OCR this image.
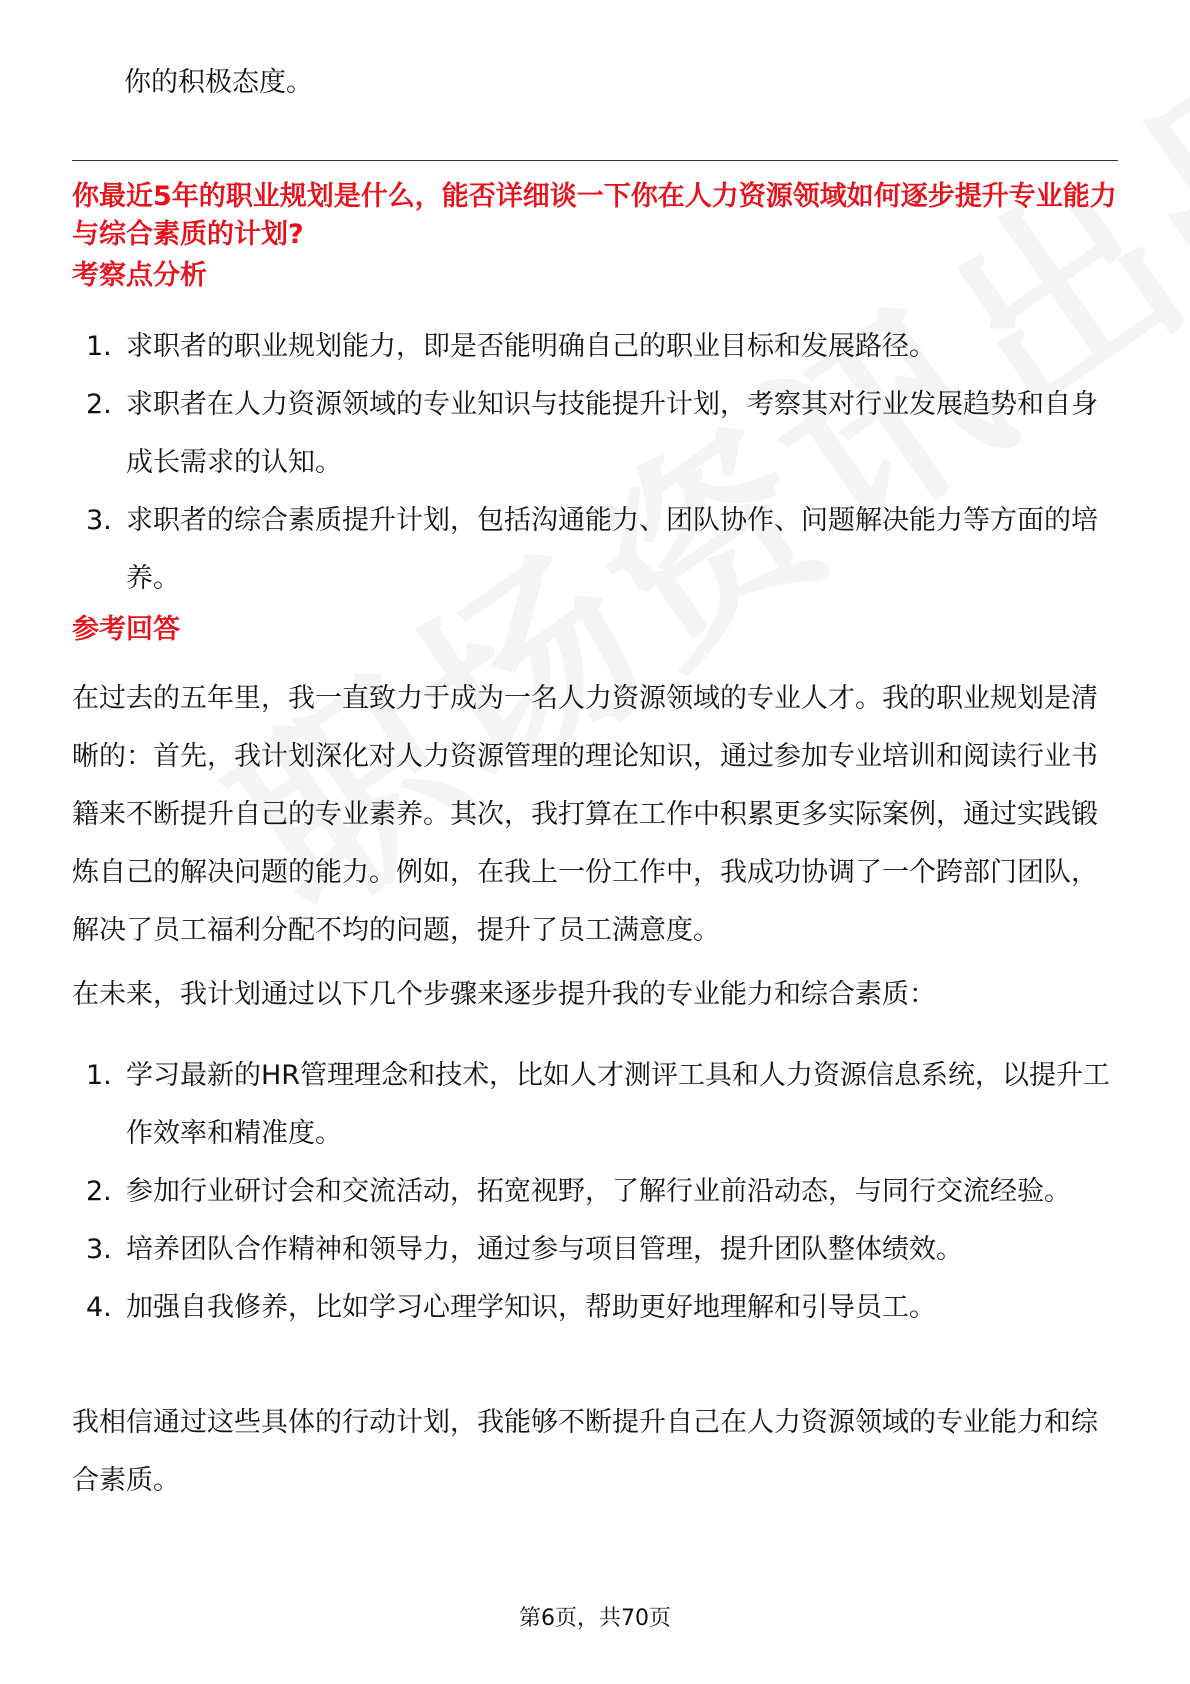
你的积极态度。
你最近5年的职业规划是什么，能否详细谈一下你在人力资源领域如何逐步提升专业能力与综合素质的计划?
考察点分析
1. 求职者的职业规划能力，即是否能明确自己的职业目标和发展路径。
2. 求职者在人力资源领域的专业知识与技能提升计划，考察其对行业发展趋势和自身成长需求的认知。
3. 求职者的综合素质提升计划，包括沟通能力、团队协作、问题解决能力等方面的培养。
参考回答

在过去的五年里，我一直致力于成为一名人力资源领域的专业人才。我的职业规划是清晰的：首先，我计划深化对人力资源管理的理论知识，通过参加专业培训和阅读行业书籍来不断提升自己的专业素养。其次，我打算在工作中积累更多实际案例，通过实践锻炼自己的解决问题的能力。例如，在我上一份工作中，我成功协调了一个跨部门团队，解决了员工福利分配不均的问题，提升了员工满意度。

在未来，我计划通过以下几个步骤来逐步提升我的专业能力和综合素质：

1. 学习最新的HR管理理念和技术，比如人才测评工具和人力资源信息系统，以提升工作效率和精准度。
2. 参加行业研讨会和交流活动，拓宽视野，了解行业前沿动态，与同行交流经验。
3. 培养团队合作精神和领导力，通过参与项目管理，提升团队整体绩效。
4. 加强自我修养，比如学习心理学知识，帮助更好地理解和引导员工。

我相信通过这些具体的行动计划，我能够不断提升自己在人力资源领域的专业能力和综合素质。

第6页，共70页
